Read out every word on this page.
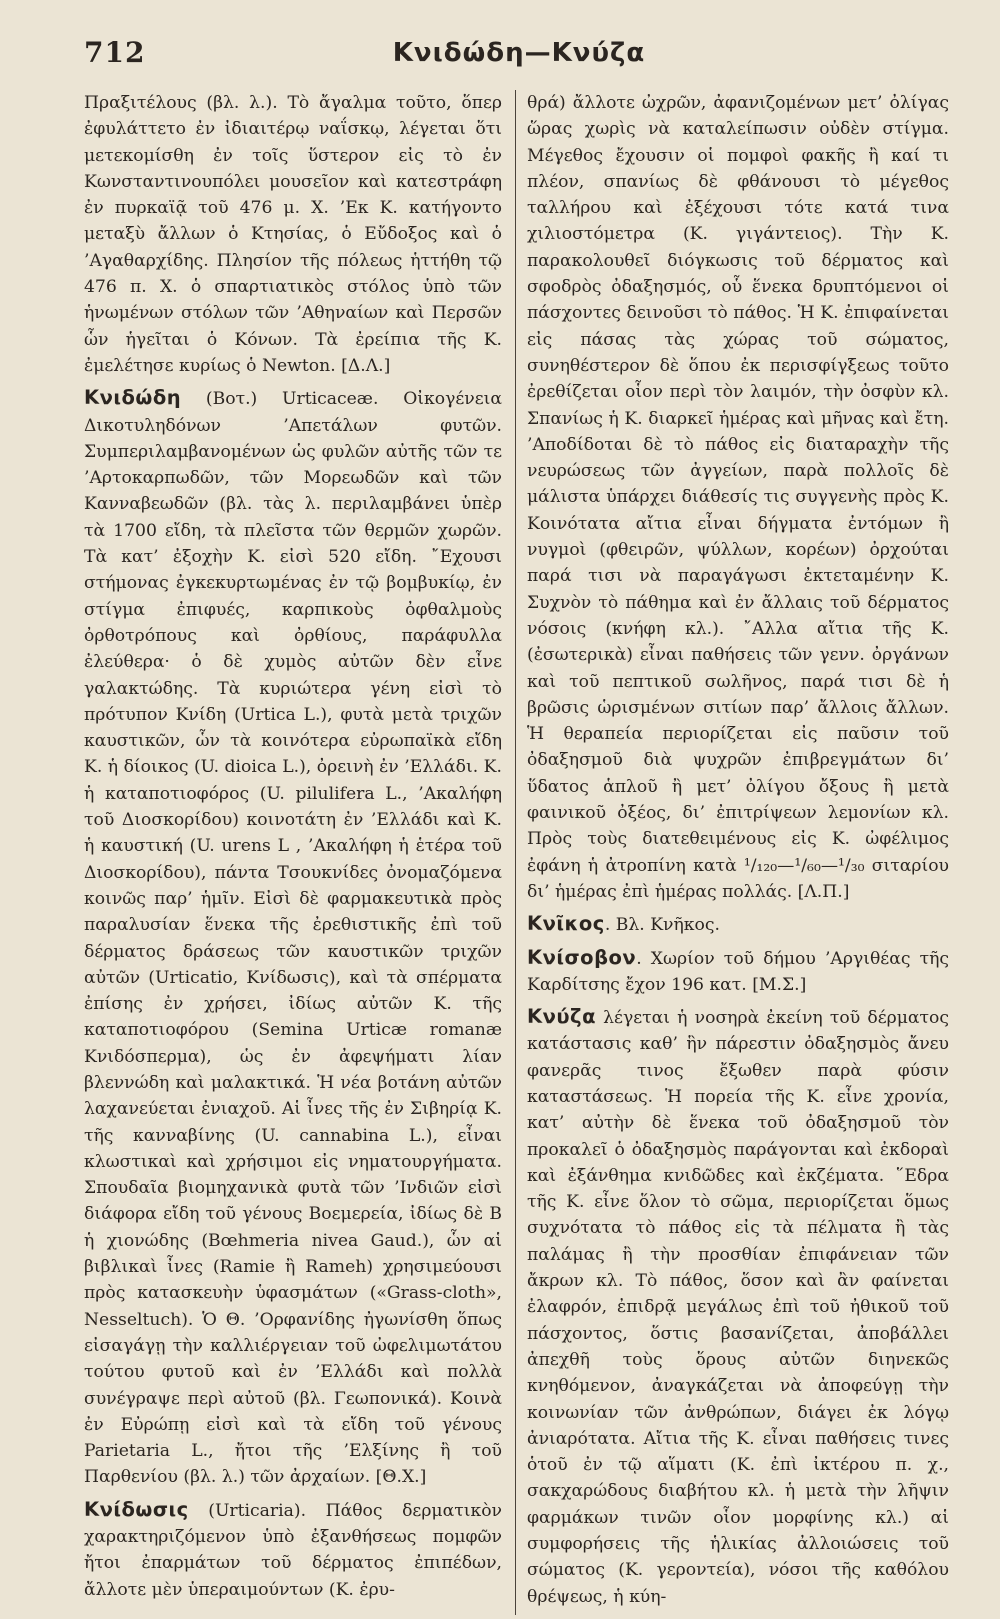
712	Κνιδώδη—Κνύζα

Πραξιτέλους (βλ. λ.). Τὸ ἄγαλμα τοῦτο, ὅπερ ἐφυλάττετο ἐν ἰδιαιτέρῳ ναΐσκῳ, λέγεται ὅτι μετεκομίσθη ἐν τοῖς ὕστερον εἰς τὸ ἐν Κωνσταντινουπόλει μουσεῖον καὶ κατεστράφη ἐν πυρκαϊᾷ τοῦ 476 μ. Χ. ’Εκ Κ. κατήγοντο μεταξὺ ἄλλων ὁ Κτησίας, ὁ Εὔδοξος καὶ ὁ ’Αγαθαρχίδης. Πλησίον τῆς πόλεως ἡττήθη τῷ 476 π. Χ. ὁ σπαρτιατικὸς στόλος ὑπὸ τῶν ἡνωμένων στόλων τῶν ’Αθηναίων καὶ Περσῶν ὧν ἡγεῖται ὁ Κόνων. Τὰ ἐρείπια τῆς Κ. ἐμελέτησε κυρίως ὁ Newton. [Δ.Λ.]

Κνιδώδη (Βοτ.) Urticaceæ. Οἰκογένεια Δικοτυληδόνων ’Απετάλων φυτῶν. Συμπεριλαμβανομένων ὡς φυλῶν αὐτῆς τῶν τε ’Αρτοκαρπωδῶν, τῶν Μορεωδῶν καὶ τῶν Κανναβεωδῶν (βλ. τὰς λ. περιλαμβάνει ὑπὲρ τὰ 1700 εἴδη, τὰ πλεῖστα τῶν θερμῶν χωρῶν. Τὰ κατ’ ἐξοχὴν Κ. εἰσὶ 520 εἴδη. ῎Εχουσι στήμονας ἐγκεκυρτωμένας ἐν τῷ βομβυκίῳ, ἐν στίγμα ἐπιφυές, καρπικοὺς ὀφθαλμοὺς ὀρθοτρόπους καὶ ὀρθίους, παράφυλλα ἐλεύθερα· ὁ δὲ χυμὸς αὐτῶν δὲν εἶνε γαλακτώδης. Τὰ κυριώτερα γένη εἰσὶ τὸ πρότυπον Κνίδη (Urtica L.), φυτὰ μετὰ τριχῶν καυστικῶν, ὧν τὰ κοινότερα εὐρωπαϊκὰ εἴδη Κ. ἡ δίοικος (U. dioica L.), ὀρεινὴ ἐν ’Ελλάδι. Κ. ἡ καταποτιοφόρος (U. pilulifera L., ’Ακαλήφη τοῦ Διοσκορίδου) κοινοτάτη ἐν ’Ελλάδι καὶ Κ. ἡ καυστική (U. urens L , ’Ακαλήφη ἡ ἑτέρα τοῦ Διοσκορίδου), πάντα Τσουκνίδες ὀνομαζόμενα κοινῶς παρ’ ἡμῖν. Εἰσὶ δὲ φαρμακευτικὰ πρὸς παραλυσίαν ἕνεκα τῆς ἐρεθιστικῆς ἐπὶ τοῦ δέρματος δράσεως τῶν καυστικῶν τριχῶν αὐτῶν (Urticatio, Κνίδωσις), καὶ τὰ σπέρματα ἐπίσης ἐν χρήσει, ἰδίως αὐτῶν Κ. τῆς καταποτιοφόρου (Semina Urticæ romanæ Κνιδόσπερμα), ὡς ἐν ἀφεψήματι λίαν βλεννώδη καὶ μαλακτικά. Ἡ νέα βοτάνη αὐτῶν λαχανεύεται ἐνιαχοῦ. Αἱ ἶνες τῆς ἐν Σιβηρίᾳ Κ. τῆς κανναβίνης (U. cannabina L.), εἶναι κλωστικαὶ καὶ χρήσιμοι εἰς νηματουργήματα. Σπουδαῖα βιομηχανικὰ φυτὰ τῶν ’Ινδιῶν εἰσὶ διάφορα εἴδη τοῦ γένους Βοεμερεία, ἰδίως δὲ Β ἡ χιονώδης (Bœhmeria nivea Gaud.), ὧν αἱ βιβλικαὶ ἶνες (Ramie ἢ Rameh) χρησιμεύουσι πρὸς κατασκευὴν ὑφασμάτων («Grass-cloth», Nesseltuch). Ὁ Θ. ’Ορφανίδης ἠγωνίσθη ὅπως εἰσαγάγῃ τὴν καλλιέργειαν τοῦ ὠφελιμωτάτου τούτου φυτοῦ καὶ ἐν ’Ελλάδι καὶ πολλὰ συνέγραψε περὶ αὐτοῦ (βλ. Γεωπονικά). Κοινὰ ἐν Εὐρώπῃ εἰσὶ καὶ τὰ εἴδη τοῦ γένους Parietaria L., ἤτοι τῆς ’Ελξίνης ἢ τοῦ Παρθενίου (βλ. λ.) τῶν ἀρχαίων. [Θ.Χ.]

Κνίδωσις (Urticaria). Πάθος δερματικὸν χαρακτηριζόμενον ὑπὸ ἐξανθήσεως πομφῶν ἤτοι ἐπαρμάτων τοῦ δέρματος ἐπιπέδων, ἄλλοτε μὲν ὑπεραιμούντων (Κ. ἐρυ-

θρά) ἄλλοτε ὠχρῶν, ἀφανιζομένων μετ’ ὀλίγας ὥρας χωρὶς νὰ καταλείπωσιν οὐδὲν στίγμα. Μέγεθος ἔχουσιν οἱ πομφοὶ φακῆς ἢ καί τι πλέον, σπανίως δὲ φθάνουσι τὸ μέγεθος ταλλήρου καὶ ἐξέχουσι τότε κατά τινα χιλιοστόμετρα (Κ. γιγάντειος). Τὴν Κ. παρακολουθεῖ διόγκωσις τοῦ δέρματος καὶ σφοδρὸς ὀδαξησμός, οὗ ἕνεκα δρυπτόμενοι οἱ πάσχοντες δεινοῦσι τὸ πάθος. Ἡ Κ. ἐπιφαίνεται εἰς πάσας τὰς χώρας τοῦ σώματος, συνηθέστερον δὲ ὅπου ἐκ περισφίγξεως τοῦτο ἐρεθίζεται οἷον περὶ τὸν λαιμόν, τὴν ὀσφὺν κλ. Σπανίως ἡ Κ. διαρκεῖ ἡμέρας καὶ μῆνας καὶ ἔτη. ’Αποδίδοται δὲ τὸ πάθος εἰς διαταραχὴν τῆς νευρώσεως τῶν ἀγγείων, παρὰ πολλοῖς δὲ μάλιστα ὑπάρχει διάθεσίς τις συγγενὴς πρὸς Κ. Κοινότατα αἴτια εἶναι δήγματα ἐντόμων ἢ νυγμοὶ (φθειρῶν, ψύλλων, κορέων) ὀρχούται παρά τισι νὰ παραγάγωσι ἐκτεταμένην Κ. Συχνὸν τὸ πάθημα καὶ ἐν ἄλλαις τοῦ δέρματος νόσοις (κνήφη κλ.). ῎Αλλα αἴτια τῆς Κ. (ἐσωτερικὰ) εἶναι παθήσεις τῶν γενν. ὀργάνων καὶ τοῦ πεπτικοῦ σωλῆνος, παρά τισι δὲ ἡ βρῶσις ὡρισμένων σιτίων παρ’ ἄλλοις ἄλλων. Ἡ θεραπεία περιορίζεται εἰς παῦσιν τοῦ ὀδαξησμοῦ διὰ ψυχρῶν ἐπιβρεγμάτων δι’ ὕδατος ἁπλοῦ ἢ μετ’ ὀλίγου ὄξους ἢ μετὰ φαινικοῦ ὀξέος, δι’ ἐπιτρίψεων λεμονίων κλ. Πρὸς τοὺς διατεθειμένους εἰς Κ. ὠφέλιμος ἐφάνη ἡ ἀτροπίνη κατὰ ¹/₁₂₀—¹/₆₀—¹/₃₀ σιταρίου δι’ ἡμέρας ἐπὶ ἡμέρας πολλάς. [Λ.Π.]

Κνῖκος. Βλ. Κνῆκος.

Κνίσοβον. Χωρίον τοῦ δήμου ’Αργιθέας τῆς Καρδίτσης ἔχον 196 κατ. [Μ.Σ.]

Κνύζα λέγεται ἡ νοσηρὰ ἐκείνη τοῦ δέρματος κατάστασις καθ’ ἣν πάρεστιν ὀδαξησμὸς ἄνευ φανερᾶς τινος ἔξωθεν παρὰ φύσιν καταστάσεως. Ἡ πορεία τῆς Κ. εἶνε χρονία, κατ’ αὐτὴν δὲ ἕνεκα τοῦ ὀδαξησμοῦ τὸν προκαλεῖ ὁ ὀδαξησμὸς παράγονται καὶ ἐκδοραὶ καὶ ἐξάνθημα κνιδῶδες καὶ ἐκζέματα. ῞Εδρα τῆς Κ. εἶνε ὅλον τὸ σῶμα, περιορίζεται ὅμως συχνότατα τὸ πάθος εἰς τὰ πέλματα ἢ τὰς παλάμας ἢ τὴν προσθίαν ἐπιφάνειαν τῶν ἄκρων κλ. Τὸ πάθος, ὅσον καὶ ἂν φαίνεται ἐλαφρόν, ἐπιδρᾷ μεγάλως ἐπὶ τοῦ ἠθικοῦ τοῦ πάσχοντος, ὅστις βασανίζεται, ἀποβάλλει ἀπεχθῆ τοὺς ὅρους αὐτῶν διηνεκῶς κνηθόμενον, ἀναγκάζεται νὰ ἀποφεύγῃ τὴν κοινωνίαν τῶν ἀνθρώπων, διάγει ἐκ λόγῳ ἀνιαρότατα. Αἴτια τῆς Κ. εἶναι παθήσεις τινες ὁτοῦ ἐν τῷ αἵματι (Κ. ἐπὶ ἰκτέρου π. χ., σακχαρώδους διαβήτου κλ. ἡ μετὰ τὴν λῆψιν φαρμάκων τινῶν οἷον μορφίνης κλ.) αἱ συμφορήσεις τῆς ἡλικίας ἀλλοιώσεις τοῦ σώματος (Κ. γεροντεία), νόσοι τῆς καθόλου θρέψεως, ἡ κύη-
